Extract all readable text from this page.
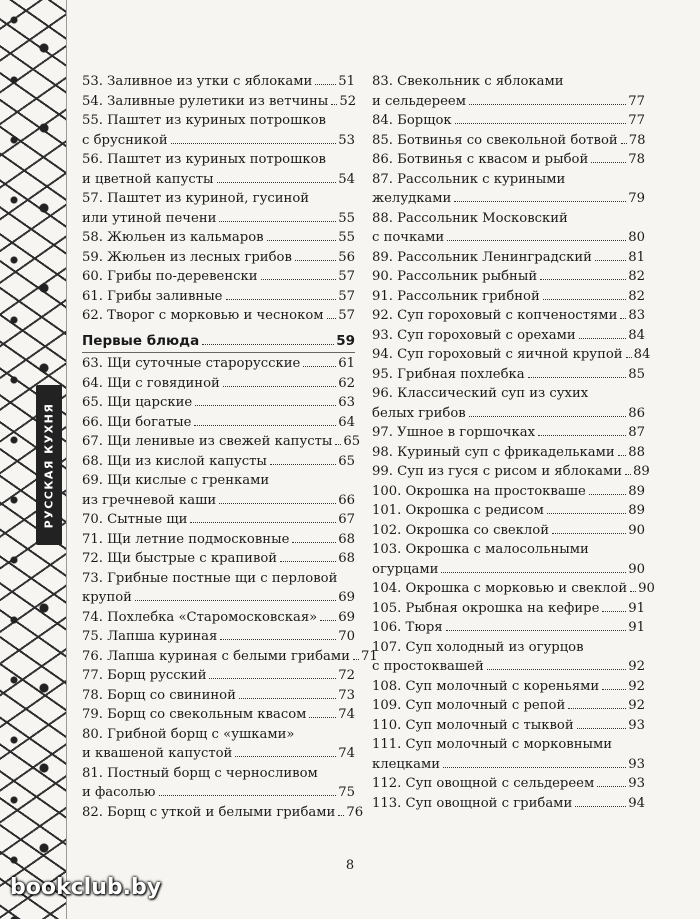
РУССКАЯ КУХНЯ
53. Заливное из утки с яблоками 51
54. Заливные рулетики из ветчины 52
55. Паштет из куриных потрошков
с брусникой	53
56. Паштет из куриных потрошков
и цветной капусты	54
57. Паштет из куриной, гусиной
или утиной печени	55
58. Жюльен из кальмаров	55
59. Жюльен из лесных грибов	56
60. Грибы по-деревенски	57
61. Грибы заливные	57
62. Творог с морковью и чесноком 57
Первые блюда	59
63. Щи суточные староруcские	61
64. Щи с говядиной	62
65. Щи царские	63
66. Щи богатые	64
67. Щи ленивые из свежей капусты 65
68. Щи из кислой капусты	65
69. Щи кислые с гренками
из гречневой каши	66
70. Сытные щи	67
71. Щи летние подмосковные	68
72. Щи быстрые с крапивой	68
73. Грибные постные щи с перловой
крупой	69
74. Похлебка «Старомосковская» 69
75. Лапша куриная	70
76. Лапша куриная с белыми грибами 71
77. Борщ русский	72
78. Борщ со свининой	73
79. Борщ со свекольным квасом 74
80. Грибной борщ с «ушками»
и квашеной капустой	74
81. Постный борщ с черносливом
и фасолью	75
82. Борщ с уткой и белыми грибами 76
83. Свекольник с яблоками
и сельдереем	77
84. Борщок	77
85. Ботвинья со свекольной ботвой 78
86. Ботвинья с квасом и рыбой	78
87. Рассольник с куриными
желудками	79
88. Рассольник Московский
с почками	80
89. Рассольник Ленинградский	81
90. Рассольник рыбный	82
91. Рассольник грибной	82
92. Суп гороховый с копченостями 83
93. Суп гороховый с орехами	84
94. Суп гороховый с яичной крупой 84
95. Грибная похлебка	85
96. Классический суп из сухих
белых грибов	86
97. Ушное в горшочках	87
98. Куриный суп с фрикадельками 88
99. Суп из гуся с рисом и яблоками 89
100. Окрошка на простокваше	89
101. Окрошка с редисом	89
102. Окрошка со свеклой	90
103. Окрошка с малосольными
огурцами	90
104. Окрошка с морковью и свеклой 90
105. Рыбная окрошка на кефире 91
106. Тюря	91
107. Суп холодный из огурцов
с простоквашей	92
108. Суп молочный с кореньями 92
109. Суп молочный с репой	92
110. Суп молочный с тыквой	93
111. Суп молочный с морковными
клецками	93
112. Суп овощной с сельдереем	93
113. Суп овощной с грибами	94
8
bookclub.by
